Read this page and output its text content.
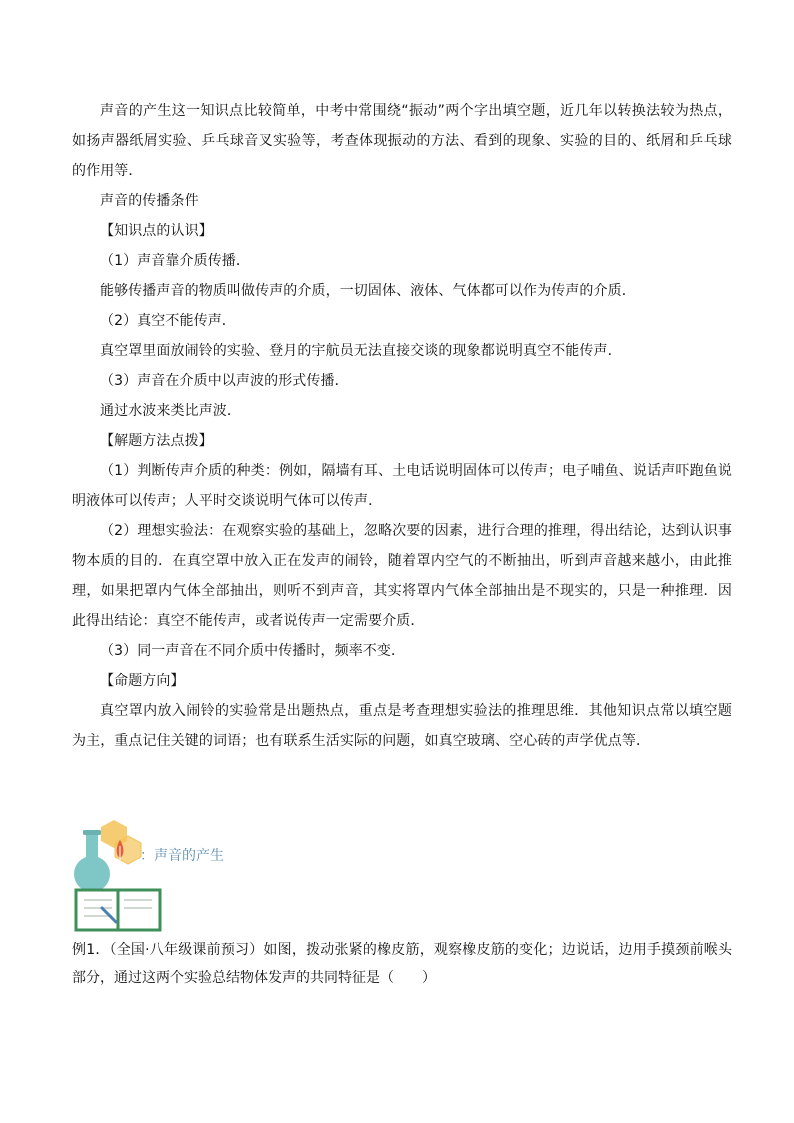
声音的产生这一知识点比较简单，中考中常围绕“振动”两个字出填空题，近几年以转换法较为热点，如扬声器纸屑实验、乒乓球音叉实验等，考查体现振动的方法、看到的现象、实验的目的、纸屑和乒乓球的作用等．

声音的传播条件

【知识点的认识】

（1）声音靠介质传播．

能够传播声音的物质叫做传声的介质，一切固体、液体、气体都可以作为传声的介质．

（2）真空不能传声．

真空罩里面放闹铃的实验、登月的宇航员无法直接交谈的现象都说明真空不能传声．

（3）声音在介质中以声波的形式传播．

通过水波来类比声波．

【解题方法点拨】

（1）判断传声介质的种类：例如，隔墙有耳、土电话说明固体可以传声；电子哺鱼、说话声吓跑鱼说明液体可以传声；人平时交谈说明气体可以传声．

（2）理想实验法：在观察实验的基础上，忽略次要的因素，进行合理的推理，得出结论，达到认识事物本质的目的．在真空罩中放入正在发声的闹铃，随着罩内空气的不断抽出，听到声音越来越小，由此推理，如果把罩内气体全部抽出，则听不到声音，其实将罩内气体全部抽出是不现实的，只是一种推理．因此得出结论：真空不能传声，或者说传声一定需要介质．

（3）同一声音在不同介质中传播时，频率不变．

【命题方向】

真空罩内放入闹铃的实验常是出题热点，重点是考查理想实验法的推理思维．其他知识点常以填空题为主，重点记住关键的词语；也有联系生活实际的问题，如真空玻璃、空心砖的声学优点等．

：声音的产生

例1．（全国·八年级课前预习）如图，拨动张紧的橡皮筋，观察橡皮筋的变化；边说话，边用手摸颈前喉头部分，通过这两个实验总结物体发声的共同特征是（　　）
